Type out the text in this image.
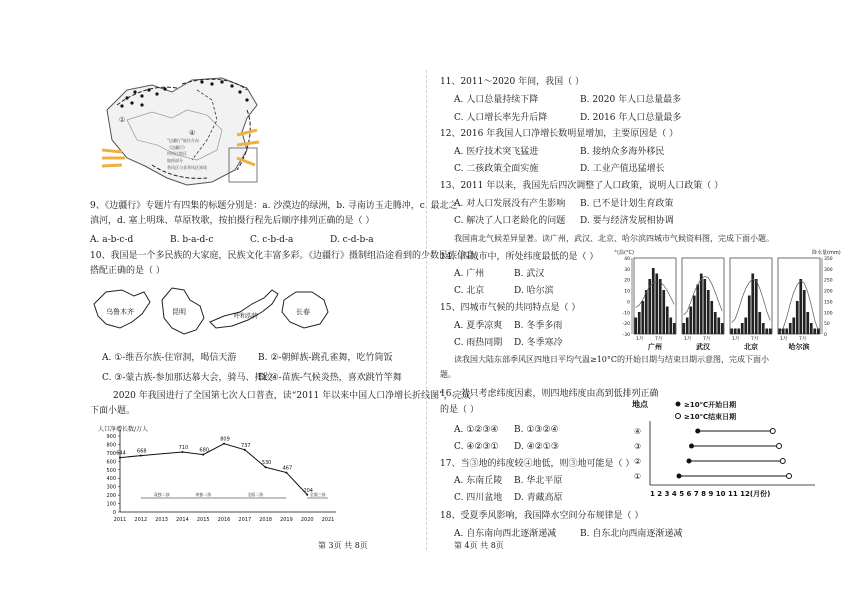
①
④
"边疆行"前往方向
《边疆行》
所经过地区
地图部分
季风区与非季风区界线
9、《边疆行》专题片有四集的标题分别是：a. 沙漠边的绿洲，b. 寻南访玉走腾冲，c. 最北之
滇河，d. 塞上明珠、草原牧歌，按拍摄行程先后顺序排列正确的是（ ）
A. a-b-c-d	B. b-a-d-c	C. c-b-d-a	D. c-d-b-a
10、我国是一个多民族的大家庭，民族文化丰富多彩。《边疆行》摄制组沿途看到的少数民族信息
搭配正确的是（ ）
乌鲁木齐	昆明
呼和浩特
长春
A. ①-维吾尔族-住帘洞，喝信天游 B. ②-朝鲜族-跳孔雀舞，吃竹筒饭
C. ③-蒙古族-参加那达慕大会，骑马、摔跤
D. ④-苗族-气候炎热，喜欢跳竹竿舞
2020 年我国进行了全国第七次人口普查，读“2011 年以来中国人口净增长折线图”，完成
下面小题。
人口净增长数/万人
900
800
700
600
500
400
300
200
100
0
2011 2012 2013 2014 2015 2016 2017 2018 2019 2020 2021
644 668
710 680
809
737
530
467
204
双独二孩	单独二孩	全面二孩	全面三孩
第 3页 共 8页
11、2011～2020 年间，我国（ ）
A. 人口总量持续下降	B. 2020 年人口总量最多
C. 人口增长率先升后降	D. 2016 年人口总量最多
12、2016 年我国人口净增长数明显增加，主要原因是（ ）
A. 医疗技术突飞猛进	B. 接纳众多海外移民
C. 二孩政策全面实施	D. 工业产值迅猛增长
13、2011 年以来，我国先后四次调整了人口政策，说明人口政策（ ）
A. 对人口发展没有产生影响 B. 已不是计划生育政策
C. 解决了人口老龄化的问题 D. 要与经济发展相协调
我国南北气候差异显著。读广州，武汉、北京、哈尔滨四城市气候资料图，完成下面小题。
14、四城市中，所处纬度最低的是（ ）
A. 广州	B. 武汉
C. 北京	D. 哈尔滨
15、四城市气候的共同特点是（ ）
A. 夏季凉爽 B. 冬季多雨
C. 雨热同期 D. 冬季寒冷
气温(°C)	降水量(mm)
40
30
20
10
0
-10
-20
-30
350
300
250
200
150
100
50
0
1月	7月
广州
1月	7月
武汉
1月	7月
北京
1月	7月
哈尔滨
读我国大陆东部季风区四地日平均气温≥10°C的开始日期与结束日期示意图，完成下面小
题。
16、若只考虑纬度因素，则四地纬度由高到低排列正确
的是（ ）
A. ①②③④ B. ①③②④
C. ④②③① D. ④②①③
17、当③地的纬度较④地低，则③地可能是（ ）
A. 东南丘陵 B. 华北平原
C. 四川盆地 D. 青藏高原
地点	≥10℃开始日期
≥10℃结束日期
1 2 3 4 5 6 7 8 9 10 11 12(月份)
④
③
②
①
18、受夏季风影响，我国降水空间分布规律是（ ）
A. 自东南向西北逐渐递减	B. 自东北向西南逐渐递减
第 4页 共 8页
